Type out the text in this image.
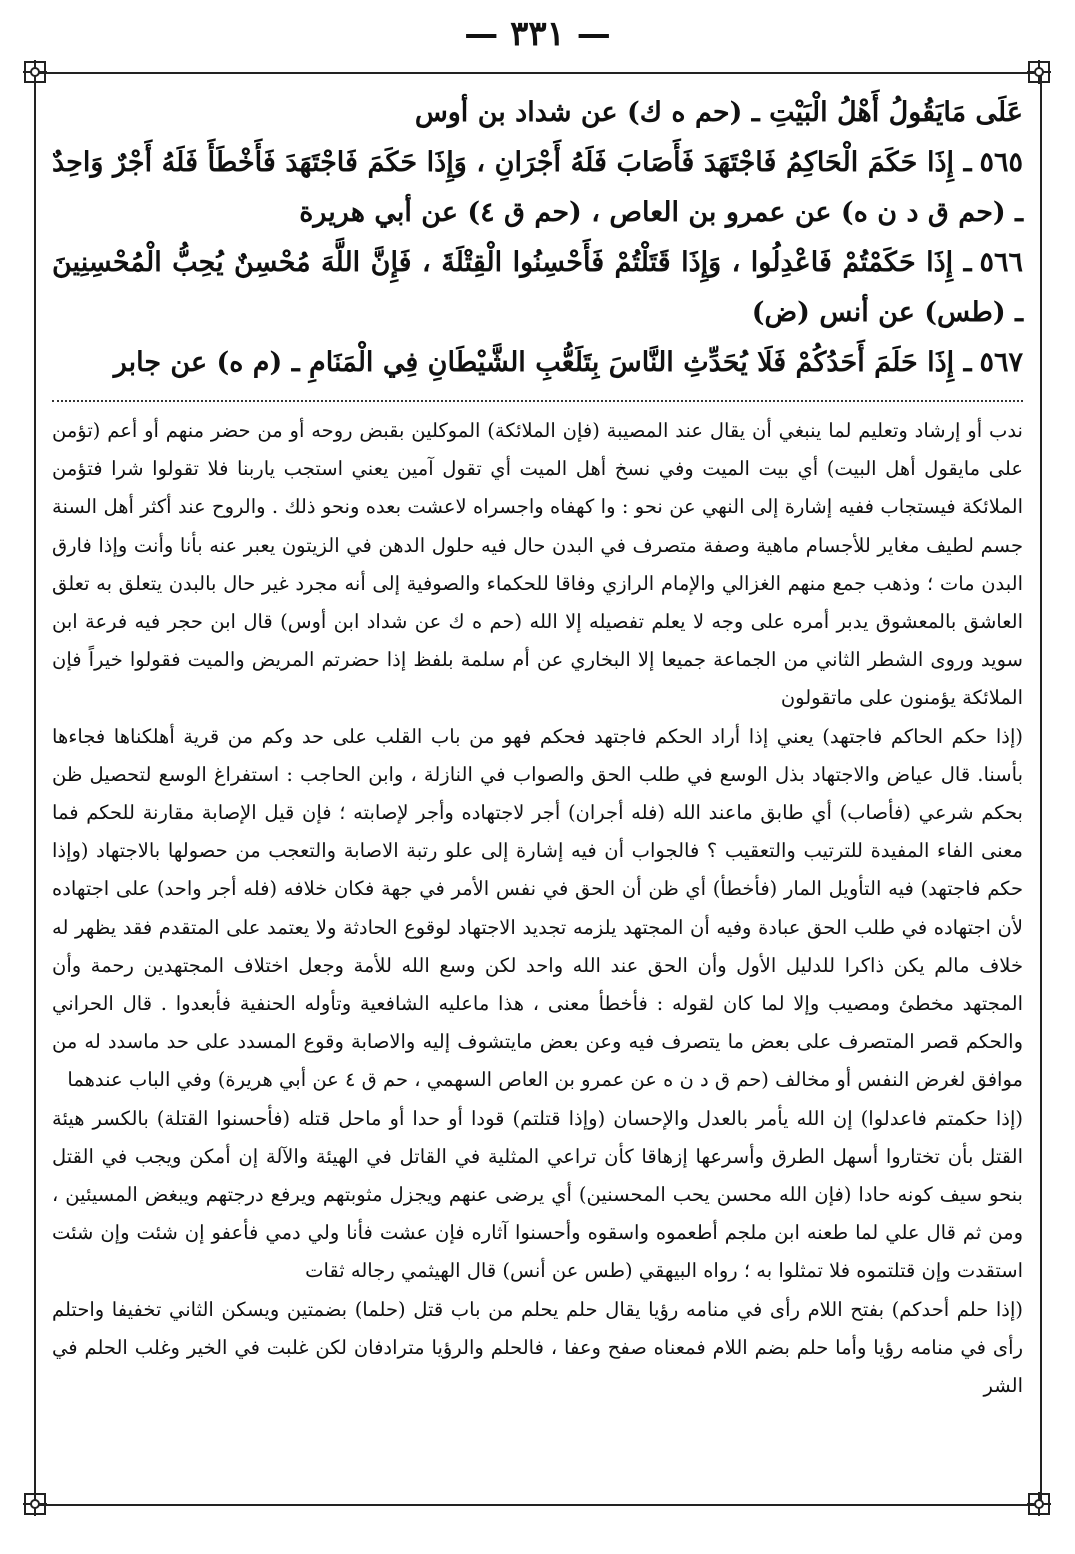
— ٣٣١ —
عَلَى مَايَقُولُ أَهْلُ الْبَيْتِ ـ (حم ه ك) عن شداد بن أوس
٥٦٥ـ إِذَا حَكَمَ الْحَاكِمُ فَاجْتَهَدَ فَأَصَابَ فَلَهُ أَجْرَانِ ، وَإِذَا حَكَمَ فَاجْتَهَدَ فَأَخْطَأَ فَلَهُ أَجْرٌ وَاحِدٌ ـ (حم ق د ن ه) عن عمرو بن العاص ، (حم ق ٤) عن أبي هريرة
٥٦٦ـ إِذَا حَكَمْتُمْ فَاعْدِلُوا ، وَإِذَا قَتَلْتُمْ فَأَحْسِنُوا الْقِتْلَةَ ، فَإِنَّ اللَّهَ مُحْسِنٌ يُحِبُّ الْمُحْسِنِينَ ـ (طس) عن أنس (ض)
٥٦٧ـ إِذَا حَلَمَ أَحَدُكُمْ فَلَا يُحَدِّثِ النَّاسَ بِتَلَعُّبِ الشَّيْطَانِ فِي الْمَنَامِ ـ (م ه) عن جابر

ندب أو إرشاد وتعليم لما ينبغي أن يقال عند المصيبة (فإن الملائكة) الموكلين بقبض روحه أو من حضر منهم أو أعم (تؤمن على مايقول أهل البيت) أي بيت الميت وفي نسخ أهل الميت أي تقول آمين يعني استجب ياربنا فلا تقولوا شرا فتؤمن الملائكة فيستجاب ففيه إشارة إلى النهي عن نحو : وا كهفاه واجسراه لاعشت بعده ونحو ذلك . والروح عند أكثر أهل السنة جسم لطيف مغاير للأجسام ماهية وصفة متصرف في البدن حال فيه حلول الدهن في الزيتون يعبر عنه بأنا وأنت وإذا فارق البدن مات ؛ وذهب جمع منهم الغزالي والإمام الرازي وفاقا للحكماء والصوفية إلى أنه مجرد غير حال بالبدن يتعلق به تعلق العاشق بالمعشوق يدبر أمره على وجه لا يعلم تفصيله إلا الله (حم ه ك عن شداد ابن أوس) قال ابن حجر فيه فرعة ابن سويد وروى الشطر الثاني من الجماعة جميعا إلا البخاري عن أم سلمة بلفظ إذا حضرتم المريض والميت فقولوا خيراً فإن الملائكة يؤمنون على ماتقولون

(إذا حكم الحاكم فاجتهد) يعني إذا أراد الحكم فاجتهد فحكم فهو من باب القلب على حد وكم من قرية أهلكناها فجاءها بأسنا. قال عياض والاجتهاد بذل الوسع في طلب الحق والصواب في النازلة ، وابن الحاجب : استفراغ الوسع لتحصيل ظن بحكم شرعي (فأصاب) أي طابق ماعند الله (فله أجران) أجر لاجتهاده وأجر لإصابته ؛ فإن قيل الإصابة مقارنة للحكم فما معنى الفاء المفيدة للترتيب والتعقيب ؟ فالجواب أن فيه إشارة إلى علو رتبة الاصابة والتعجب من حصولها بالاجتهاد (وإذا حكم فاجتهد) فيه التأويل المار (فأخطأ) أي ظن أن الحق في نفس الأمر في جهة فكان خلافه (فله أجر واحد) على اجتهاده لأن اجتهاده في طلب الحق عبادة وفيه أن المجتهد يلزمه تجديد الاجتهاد لوقوع الحادثة ولا يعتمد على المتقدم فقد يظهر له خلاف مالم يكن ذاكرا للدليل الأول وأن الحق عند الله واحد لكن وسع الله للأمة وجعل اختلاف المجتهدين رحمة وأن المجتهد مخطئ ومصيب وإلا لما كان لقوله : فأخطأ معنى ، هذا ماعليه الشافعية وتأوله الحنفية فأبعدوا . قال الحراني والحكم قصر المتصرف على بعض ما يتصرف فيه وعن بعض مايتشوف إليه والاصابة وقوع المسدد على حد ماسدد له من موافق لغرض النفس أو مخالف (حم ق د ن ه عن عمرو بن العاص السهمي ، حم ق ٤ عن أبي هريرة) وفي الباب عندهما

(إذا حكمتم فاعدلوا) إن الله يأمر بالعدل والإحسان (وإذا قتلتم) قودا أو حدا أو ماحل قتله (فأحسنوا القتلة) بالكسر هيئة القتل بأن تختاروا أسهل الطرق وأسرعها إزهاقا كأن تراعي المثلية في القاتل في الهيئة والآلة إن أمكن ويجب في القتل بنحو سيف كونه حادا (فإن الله محسن يحب المحسنين) أي يرضى عنهم ويجزل مثوبتهم ويرفع درجتهم ويبغض المسيئين ، ومن ثم قال علي لما طعنه ابن ملجم أطعموه واسقوه وأحسنوا آثاره فإن عشت فأنا ولي دمي فأعفو إن شئت وإن شئت استقدت وإن قتلتموه فلا تمثلوا به ؛ رواه البيهقي (طس عن أنس) قال الهيثمي رجاله ثقات

(إذا حلم أحدكم) بفتح اللام رأى في منامه رؤيا يقال حلم يحلم من باب قتل (حلما) بضمتين ويسكن الثاني تخفيفا واحتلم رأى في منامه رؤيا وأما حلم بضم اللام فمعناه صفح وعفا ، فالحلم والرؤيا مترادفان لكن غلبت في الخير وغلب الحلم في الشر
